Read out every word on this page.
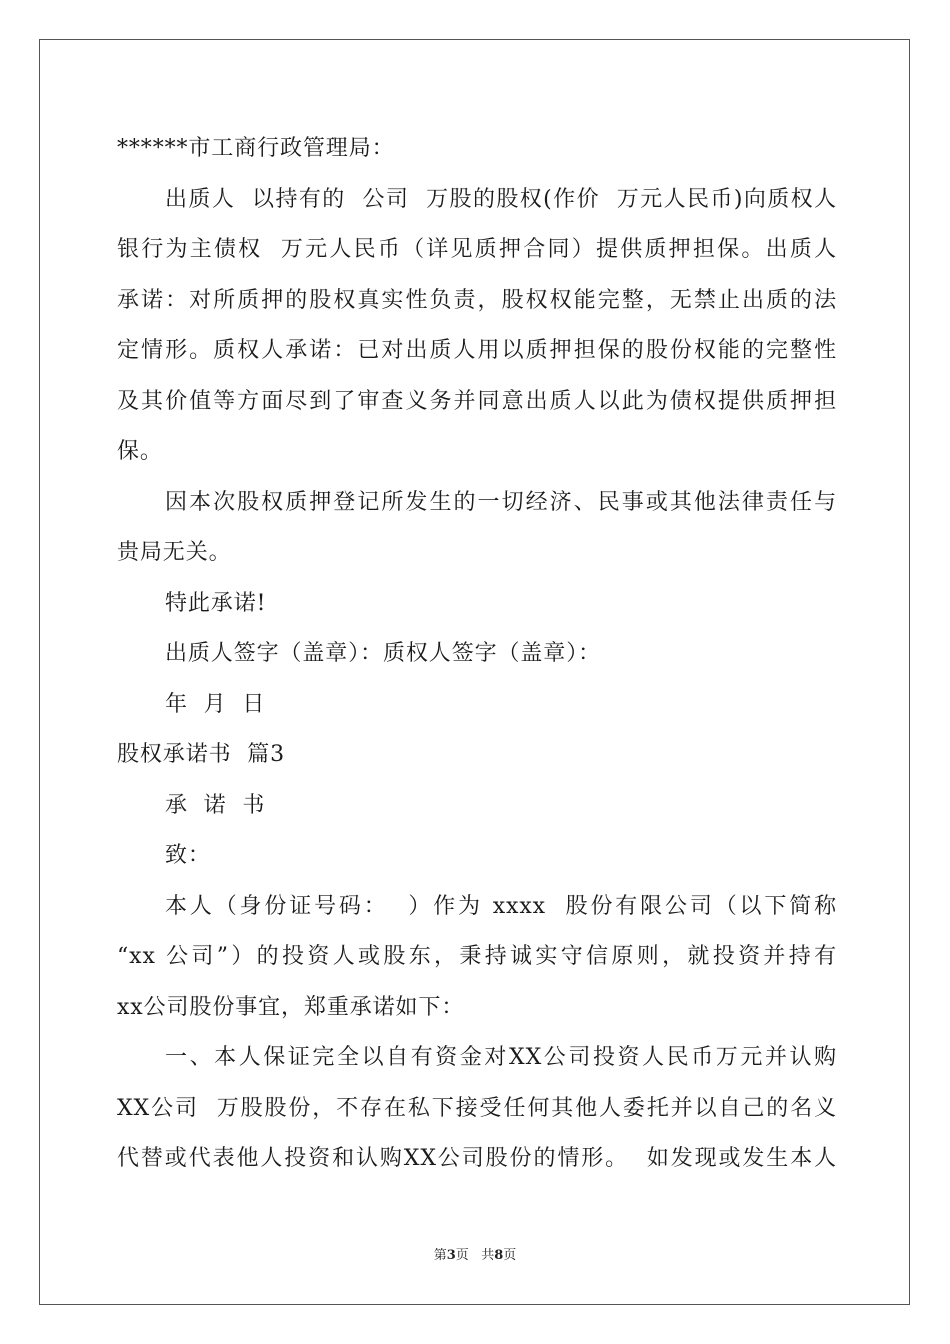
******市工商行政管理局：
出质人  以持有的  公司  万股的股权(作价  万元人民币)向质权人
银行为主债权  万元人民币（详见质押合同）提供质押担保。出质人
承诺：对所质押的股权真实性负责，股权权能完整，无禁止出质的法
定情形。质权人承诺：已对出质人用以质押担保的股份权能的完整性
及其价值等方面尽到了审查义务并同意出质人以此为债权提供质押担
保。
因本次股权质押登记所发生的一切经济、民事或其他法律责任与
贵局无关。
特此承诺!
出质人签字（盖章）：质权人签字（盖章）：
年  月  日
股权承诺书  篇3
承  诺  书
致：
本人（身份证号码：  ）作为 xxxx  股份有限公司（以下简称
“xx 公司”）的投资人或股东，秉持诚实守信原则，就投资并持有
xx公司股份事宜，郑重承诺如下：
一、本人保证完全以自有资金对XX公司投资人民币万元并认购
XX公司  万股股份，不存在私下接受任何其他人委托并以自己的名义
代替或代表他人投资和认购XX公司股份的情形。  如发现或发生本人
第3页 共8页
